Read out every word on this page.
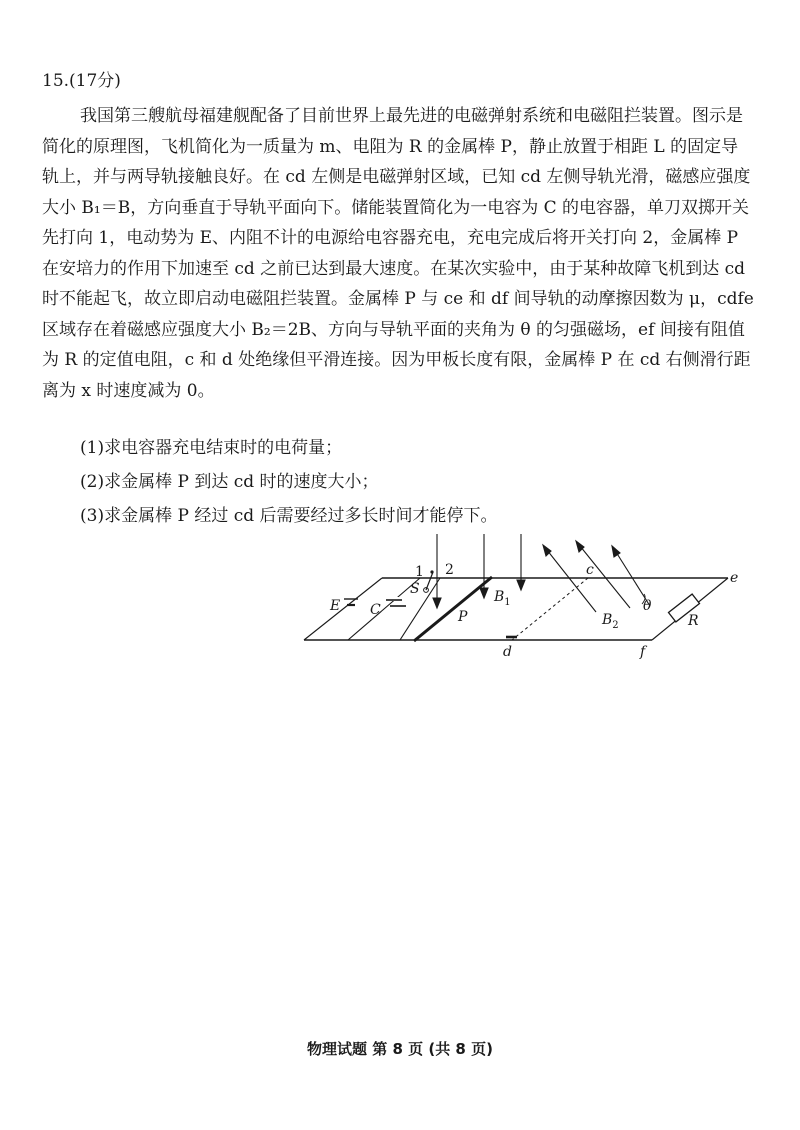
15.(17分)

我国第三艘航母福建舰配备了目前世界上最先进的电磁弹射系统和电磁阻拦装置。图示是简化的原理图，飞机简化为一质量为 m、电阻为 R 的金属棒 P，静止放置于相距 L 的固定导轨上，并与两导轨接触良好。在 cd 左侧是电磁弹射区域，已知 cd 左侧导轨光滑，磁感应强度大小 B₁＝B，方向垂直于导轨平面向下。储能装置简化为一电容为 C 的电容器，单刀双掷开关先打向 1，电动势为 E、内阻不计的电源给电容器充电，充电完成后将开关打向 2，金属棒 P 在安培力的作用下加速至 cd 之前已达到最大速度。在某次实验中，由于某种故障飞机到达 cd 时不能起飞，故立即启动电磁阻拦装置。金属棒 P 与 ce 和 df 间导轨的动摩擦因数为 μ，cdfe 区域存在着磁感应强度大小 B₂＝2B、方向与导轨平面的夹角为 θ 的匀强磁场，ef 间接有阻值为 R 的定值电阻，c 和 d 处绝缘但平滑连接。因为甲板长度有限，金属棒 P 在 cd 右侧滑行距离为 x 时速度减为 0。

(1)求电容器充电结束时的电荷量；
(2)求金属棒 P 到达 cd 时的速度大小；
(3)求金属棒 P 经过 cd 后需要经过多长时间才能停下。
E C
S
1 2
P
$B_1$
c
d
e
f
$B_2$
θ
R
物理试题 第 8 页 (共 8 页)
